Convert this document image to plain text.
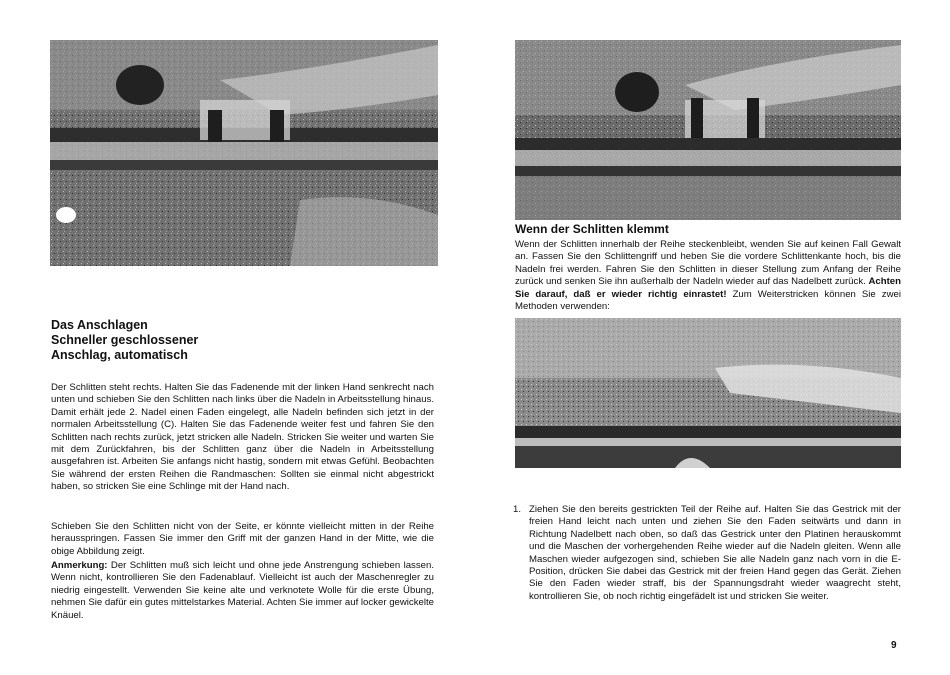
Das Anschlagen
Schneller geschlossener
Anschlag, automatisch

Der Schlitten steht rechts. Halten Sie das Fadenende mit der linken Hand senkrecht nach unten und schieben Sie den Schlitten nach links über die Nadeln in Arbeitsstellung hinaus. Damit erhält jede 2. Nadel einen Faden eingelegt, alle Nadeln befinden sich jetzt in der normalen Arbeitsstellung (C). Halten Sie das Fadenende weiter fest und fahren Sie den Schlitten nach rechts zurück, jetzt stricken alle Nadeln. Stricken Sie weiter und warten Sie mit dem Zurückfahren, bis der Schlitten ganz über die Nadeln in Arbeitsstellung ausgefahren ist. Arbeiten Sie anfangs nicht hastig, sondern mit etwas Gefühl. Beobachten Sie während der ersten Reihen die Randmaschen: Sollten sie einmal nicht abgestrickt haben, so stricken Sie eine Schlinge mit der Hand nach.

Schieben Sie den Schlitten nicht von der Seite, er könnte vielleicht mitten in der Reihe herausspringen. Fassen Sie immer den Griff mit der ganzen Hand in der Mitte, wie die obige Abbildung zeigt.

Anmerkung: Der Schlitten muß sich leicht und ohne jede Anstrengung schieben lassen. Wenn nicht, kontrollieren Sie den Fadenablauf. Vielleicht ist auch der Maschenregler zu niedrig eingestellt. Verwenden Sie keine alte und verknotete Wolle für die erste Übung, nehmen Sie dafür ein gutes mittelstarkes Material. Achten Sie immer auf locker gewickelte Knäuel.

Wenn der Schlitten klemmt

Wenn der Schlitten innerhalb der Reihe steckenbleibt, wenden Sie auf keinen Fall Gewalt an. Fassen Sie den Schlittengriff und heben Sie die vordere Schlittenkante hoch, bis die Nadeln frei werden. Fahren Sie den Schlitten in dieser Stellung zum Anfang der Reihe zurück und senken Sie ihn außerhalb der Nadeln wieder auf das Nadelbett zurück. Achten Sie darauf, daß er wieder richtig einrastet! Zum Weiterstricken können Sie zwei Methoden verwenden:

1. Ziehen Sie den bereits gestrickten Teil der Reihe auf. Halten Sie das Gestrick mit der freien Hand leicht nach unten und ziehen Sie den Faden seitwärts und dann in Richtung Nadelbett nach oben, so daß das Gestrick unter den Platinen herauskommt und die Maschen der vorhergehenden Reihe wieder auf die Nadeln gleiten. Wenn alle Maschen wieder aufgezogen sind, schieben Sie alle Nadeln ganz nach vorn in die E-Position, drücken Sie dabei das Gestrick mit der freien Hand gegen das Gerät. Ziehen Sie den Faden wieder straff, bis der Spannungsdraht wieder waagrecht steht, kontrollieren Sie, ob noch richtig eingefädelt ist und stricken Sie weiter.
9
